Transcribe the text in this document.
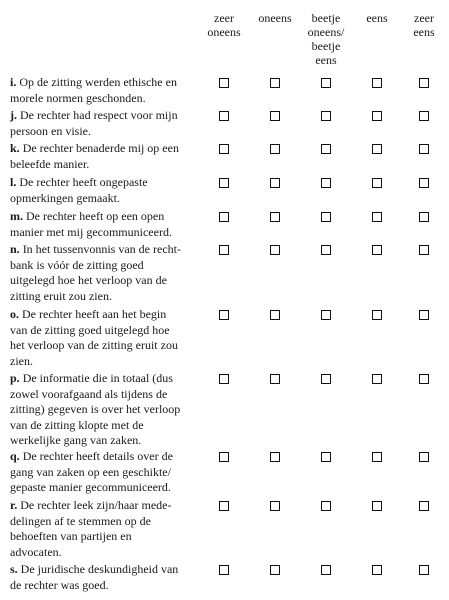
zeer
oneens
oneens	beetje
oneens/
beetje
eens
eens	zeer
eens
i. Op de zitting werden ethische en
morele normen geschonden.
j. De rechter had respect voor mijn
persoon en visie.
k. De rechter benaderde mij op een
beleefde manier.
l. De rechter heeft ongepaste
opmerkingen gemaakt.
m. De rechter heeft op een open
manier met mij gecommuniceerd.
n. In het tussenvonnis van de recht-
bank is vóór de zitting goed
uitgelegd hoe het verloop van de
zitting eruit zou zien.
o. De rechter heeft aan het begin
van de zitting goed uitgelegd hoe
het verloop van de zitting eruit zou
zien.
p. De informatie die in totaal (dus
zowel voorafgaand als tijdens de
zitting) gegeven is over het verloop
van de zitting klopte met de
werkelijke gang van zaken.
q. De rechter heeft details over de
gang van zaken op een geschikte/
gepaste manier gecommuniceerd.
r. De rechter leek zijn/haar mede-
delingen af te stemmen op de
behoeften van partijen en
advocaten.
s. De juridische deskundigheid van
de rechter was goed.
